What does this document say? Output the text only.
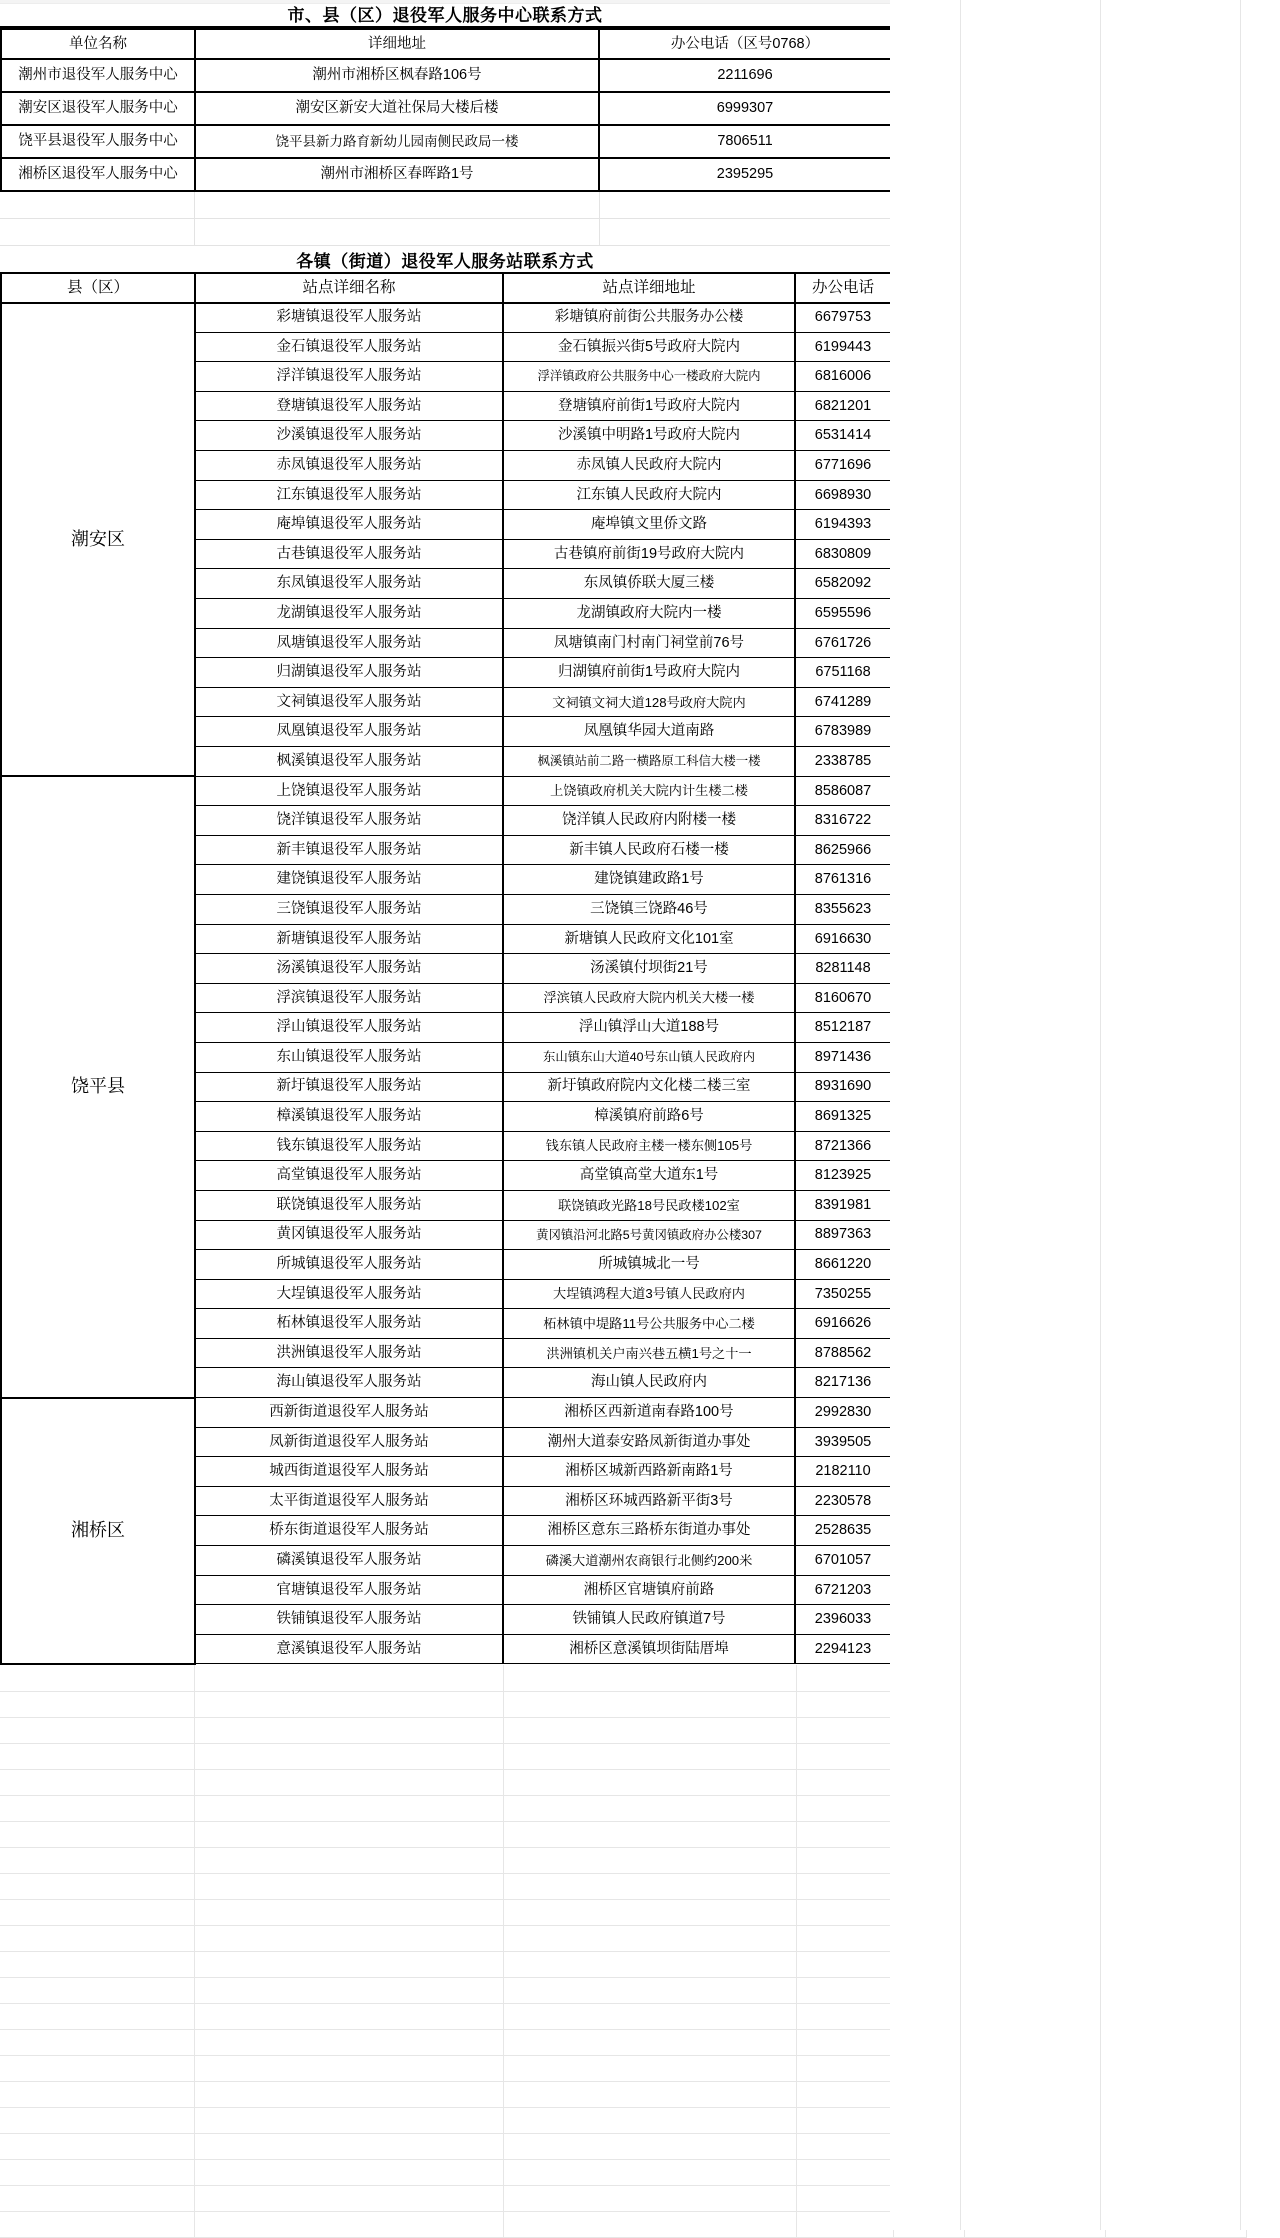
市、县（区）退役军人服务中心联系方式
单位名称	详细地址	办公电话（区号0768）
潮州市退役军人服务中心	潮州市湘桥区枫春路106号	2211696
潮安区退役军人服务中心	潮安区新安大道社保局大楼后楼	6999307
饶平县退役军人服务中心	饶平县新力路育新幼儿园南侧民政局一楼	7806511
湘桥区退役军人服务中心	潮州市湘桥区春晖路1号	2395295
各镇（街道）退役军人服务站联系方式
县（区）	站点详细名称	站点详细地址	办公电话
潮安区	彩塘镇退役军人服务站	彩塘镇府前街公共服务办公楼	6679753
	金石镇退役军人服务站	金石镇振兴街5号政府大院内	6199443
	浮洋镇退役军人服务站	浮洋镇政府公共服务中心一楼政府大院内	6816006
	登塘镇退役军人服务站	登塘镇府前街1号政府大院内	6821201
	沙溪镇退役军人服务站	沙溪镇中明路1号政府大院内	6531414
	赤凤镇退役军人服务站	赤凤镇人民政府大院内	6771696
	江东镇退役军人服务站	江东镇人民政府大院内	6698930
	庵埠镇退役军人服务站	庵埠镇文里侨文路	6194393
	古巷镇退役军人服务站	古巷镇府前街19号政府大院内	6830809
	东凤镇退役军人服务站	东凤镇侨联大厦三楼	6582092
	龙湖镇退役军人服务站	龙湖镇政府大院内一楼	6595596
	凤塘镇退役军人服务站	凤塘镇南门村南门祠堂前76号	6761726
	归湖镇退役军人服务站	归湖镇府前街1号政府大院内	6751168
	文祠镇退役军人服务站	文祠镇文祠大道128号政府大院内	6741289
	凤凰镇退役军人服务站	凤凰镇华园大道南路	6783989
	枫溪镇退役军人服务站	枫溪镇站前二路一横路原工科信大楼一楼	2338785
饶平县	上饶镇退役军人服务站	上饶镇政府机关大院内计生楼二楼	8586087
	饶洋镇退役军人服务站	饶洋镇人民政府内附楼一楼	8316722
	新丰镇退役军人服务站	新丰镇人民政府石楼一楼	8625966
	建饶镇退役军人服务站	建饶镇建政路1号	8761316
	三饶镇退役军人服务站	三饶镇三饶路46号	8355623
	新塘镇退役军人服务站	新塘镇人民政府文化101室	6916630
	汤溪镇退役军人服务站	汤溪镇付坝街21号	8281148
	浮滨镇退役军人服务站	浮滨镇人民政府大院内机关大楼一楼	8160670
	浮山镇退役军人服务站	浮山镇浮山大道188号	8512187
	东山镇退役军人服务站	东山镇东山大道40号东山镇人民政府内	8971436
	新圩镇退役军人服务站	新圩镇政府院内文化楼二楼三室	8931690
	樟溪镇退役军人服务站	樟溪镇府前路6号	8691325
	钱东镇退役军人服务站	钱东镇人民政府主楼一楼东侧105号	8721366
	高堂镇退役军人服务站	高堂镇高堂大道东1号	8123925
	联饶镇退役军人服务站	联饶镇政光路18号民政楼102室	8391981
	黄冈镇退役军人服务站	黄冈镇沿河北路5号黄冈镇政府办公楼307	8897363
	所城镇退役军人服务站	所城镇城北一号	8661220
	大埕镇退役军人服务站	大埕镇鸿程大道3号镇人民政府内	7350255
	柘林镇退役军人服务站	柘林镇中堤路11号公共服务中心二楼	6916626
	洪洲镇退役军人服务站	洪洲镇机关户南兴巷五横1号之十一	8788562
	海山镇退役军人服务站	海山镇人民政府内	8217136
湘桥区	西新街道退役军人服务站	湘桥区西新道南春路100号	2992830
	凤新街道退役军人服务站	潮州大道泰安路凤新街道办事处	3939505
	城西街道退役军人服务站	湘桥区城新西路新南路1号	2182110
	太平街道退役军人服务站	湘桥区环城西路新平街3号	2230578
	桥东街道退役军人服务站	湘桥区意东三路桥东街道办事处	2528635
	磷溪镇退役军人服务站	磷溪大道潮州农商银行北侧约200米	6701057
	官塘镇退役军人服务站	湘桥区官塘镇府前路	6721203
	铁铺镇退役军人服务站	铁铺镇人民政府镇道7号	2396033
	意溪镇退役军人服务站	湘桥区意溪镇坝街陆厝埠	2294123
